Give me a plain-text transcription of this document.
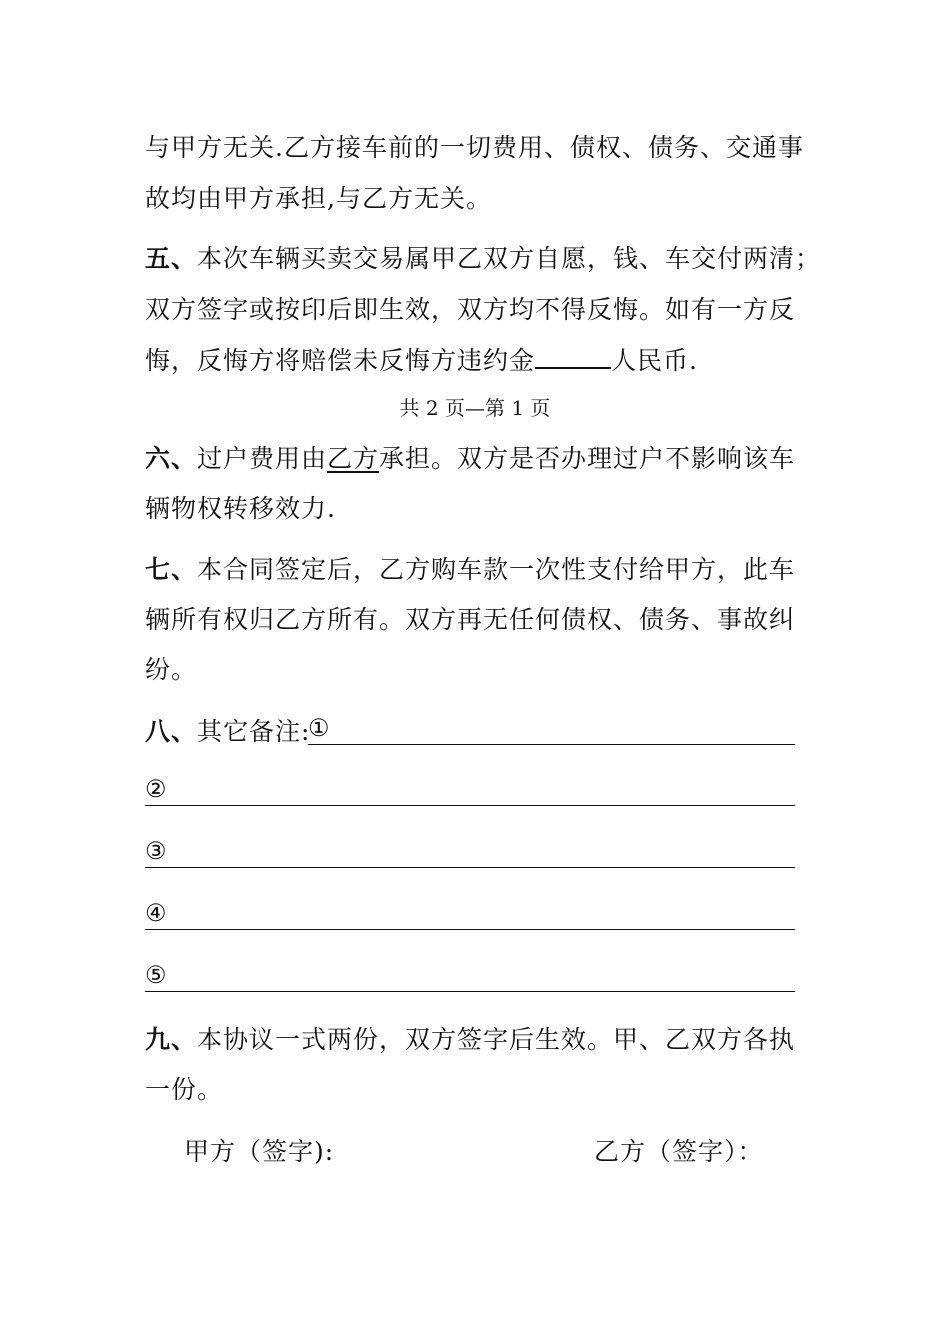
与甲方无关.乙方接车前的一切费用、债权、债务、交通事
故均由甲方承担,与乙方无关。
五、本次车辆买卖交易属甲乙双方自愿，钱、车交付两清；
双方签字或按印后即生效，双方均不得反悔。如有一方反
悔，反悔方将赔偿未反悔方违约金	人民币.
共 2 页—第 1 页
六、过户费用由乙方承担。双方是否办理过户不影响该车
辆物权转移效力.
七、本合同签定后，乙方购车款一次性支付给甲方，此车
辆所有权归乙方所有。双方再无任何债权、债务、事故纠
纷。
八、其它备注:
①
②
③
④
⑤
九、本协议一式两份，双方签字后生效。甲、乙双方各执
一份。
甲方（签字):	乙方（签字）：
